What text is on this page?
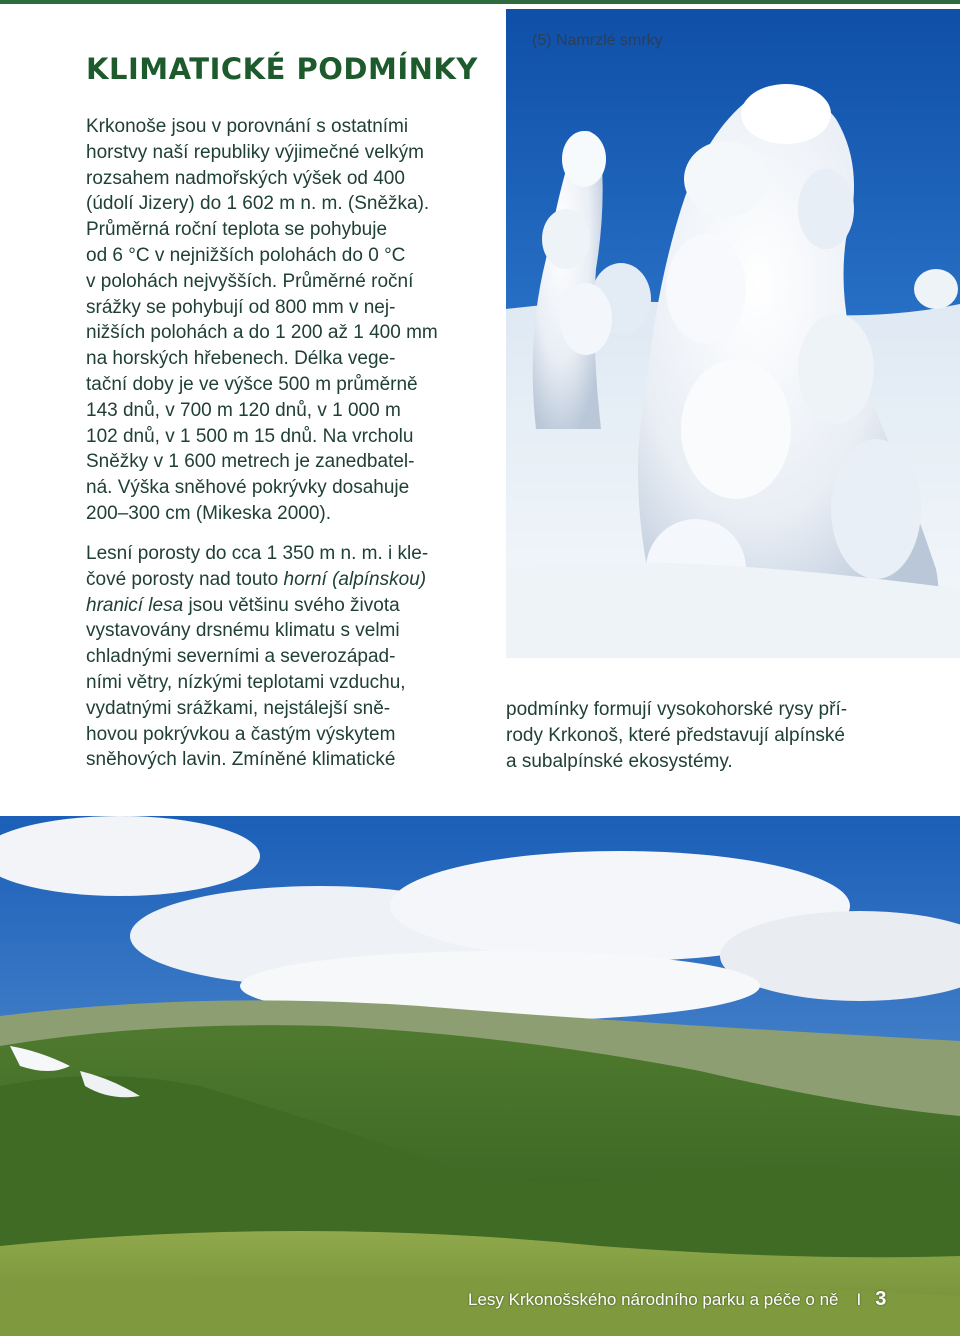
KLIMATICKÉ PODMÍNKY
Krkonoše jsou v porovnání s ostatními
horstvy naší republiky výjimečné velkým
rozsahem nadmořských výšek od 400
(údolí Jizery) do 1 602 m n. m. (Sněžka).
Průměrná roční teplota se pohybuje
od 6 °C v nejnižších polohách do 0 °C
v polohách nejvyšších. Průměrné roční
srážky se pohybují od 800 mm v nej-
nižších polohách a do 1 200 až 1 400 mm
na horských hřebenech. Délka vege-
tační doby je ve výšce 500 m průměrně
143 dnů, v 700 m 120 dnů, v 1 000 m
102 dnů, v 1 500 m 15 dnů. Na vrcholu
Sněžky v 1 600 metrech je zanedbatel-
ná. Výška sněhové pokrývky dosahuje
200–300 cm (Mikeska 2000).
Lesní porosty do cca 1 350 m n. m. i kle-
čové porosty nad touto horní (alpínskou)
hranicí lesa jsou většinu svého života
vystavovány drsnému klimatu s velmi
chladnými severními a severozápad-
ními větry, nízkými teplotami vzduchu,
vydatnými srážkami, nejstálejší sně-
hovou pokrývkou a častým výskytem
sněhových lavin. Zmíněné klimatické
podmínky formují vysokohorské rysy pří-
rody Krkonoš, které představují alpínské
a subalpínské ekosystémy.
(5) Namrzlé smrky
Lesy Krkonošského národního parku a péče o ně I 3
